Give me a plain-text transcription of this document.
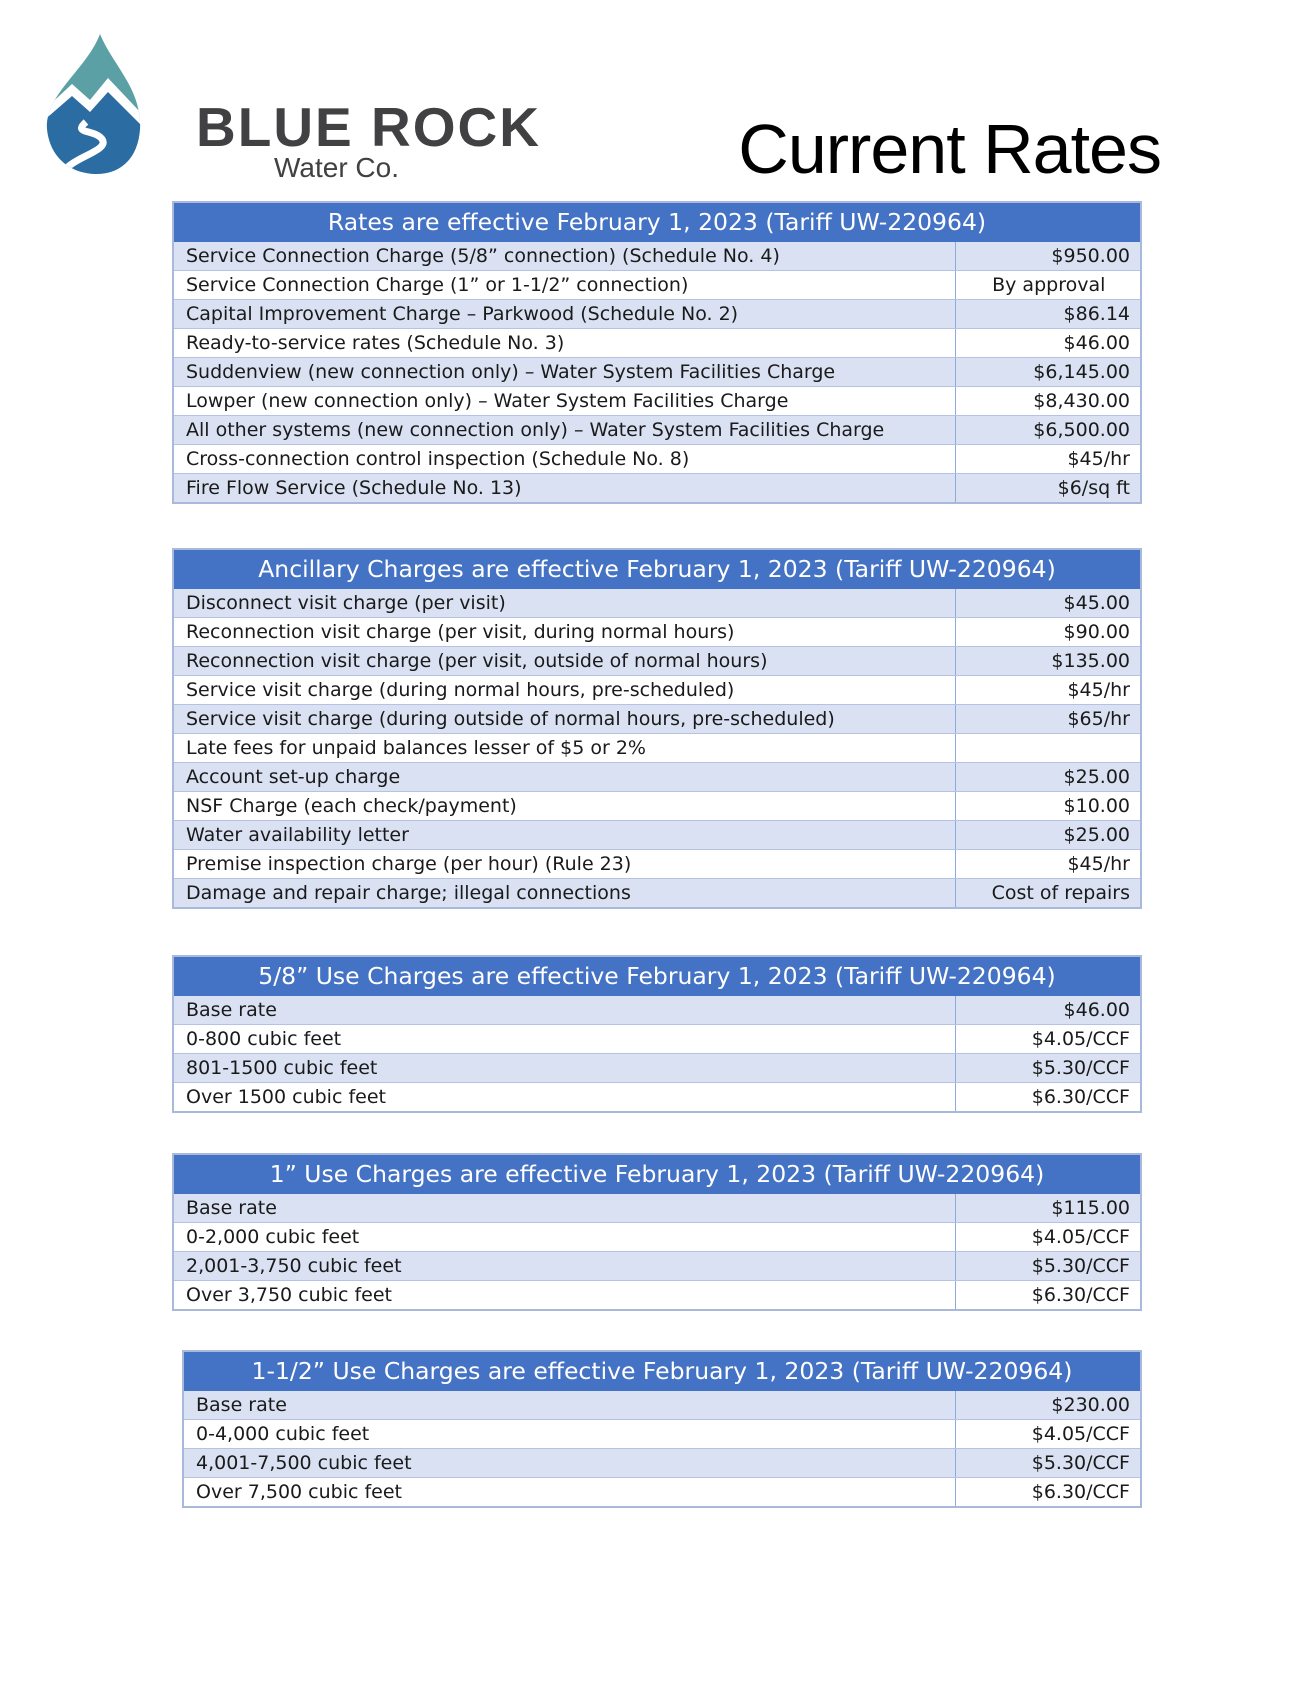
BLUE ROCK
Water Co.	Current Rates
Rates are effective February 1, 2023 (Tariff UW-220964)	
Service Connection Charge (5/8” connection) (Schedule No. 4)	$950.00
Service Connection Charge (1” or 1-1/2” connection)	By approval
Capital Improvement Charge – Parkwood (Schedule No. 2)	$86.14
Ready-to-service rates (Schedule No. 3)	$46.00
Suddenview (new connection only) – Water System Facilities Charge	$6,145.00
Lowper (new connection only) – Water System Facilities Charge	$8,430.00
All other systems (new connection only) – Water System Facilities Charge	$6,500.00
Cross-connection control inspection (Schedule No. 8)	$45/hr
Fire Flow Service (Schedule No. 13)	$6/sq ft
Ancillary Charges are effective February 1, 2023 (Tariff UW-220964)	
Disconnect visit charge (per visit)	$45.00
Reconnection visit charge (per visit, during normal hours)	$90.00
Reconnection visit charge (per visit, outside of normal hours)	$135.00
Service visit charge (during normal hours, pre-scheduled)	$45/hr
Service visit charge (during outside of normal hours, pre-scheduled)	$65/hr
Late fees for unpaid balances lesser of $5 or 2%	
Account set-up charge	$25.00
NSF Charge (each check/payment)	$10.00
Water availability letter	$25.00
Premise inspection charge (per hour) (Rule 23)	$45/hr
Damage and repair charge; illegal connections	Cost of repairs
5/8” Use Charges are effective February 1, 2023 (Tariff UW-220964)	
Base rate	$46.00
0-800 cubic feet	$4.05/CCF
801-1500 cubic feet	$5.30/CCF
Over 1500 cubic feet	$6.30/CCF
1” Use Charges are effective February 1, 2023 (Tariff UW-220964)	
Base rate	$115.00
0-2,000 cubic feet	$4.05/CCF
2,001-3,750 cubic feet	$5.30/CCF
Over 3,750 cubic feet	$6.30/CCF
1-1/2” Use Charges are effective February 1, 2023 (Tariff UW-220964)	
Base rate	$230.00
0-4,000 cubic feet	$4.05/CCF
4,001-7,500 cubic feet	$5.30/CCF
Over 7,500 cubic feet	$6.30/CCF
